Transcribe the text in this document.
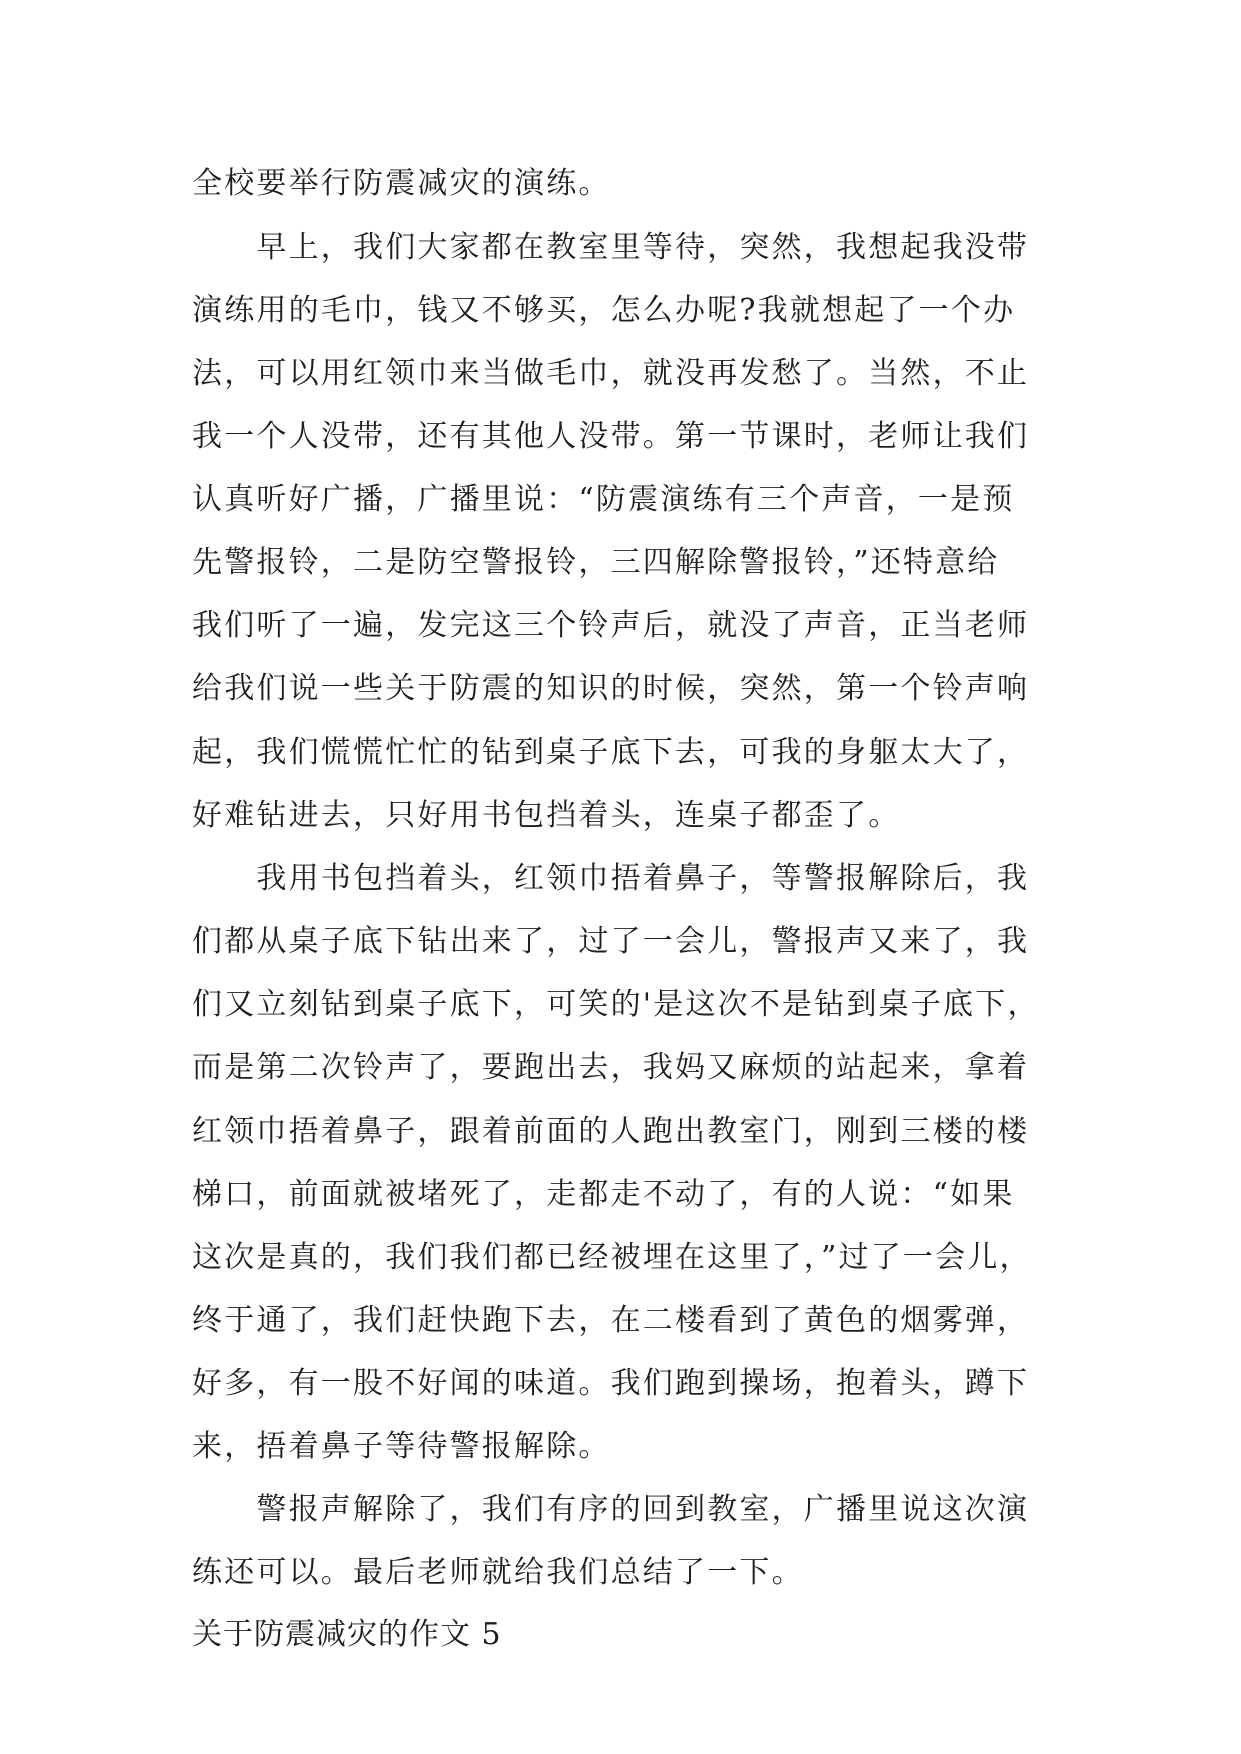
全校要举行防震减灾的演练。
　　早上，我们大家都在教室里等待，突然，我想起我没带
演练用的毛巾，钱又不够买，怎么办呢?我就想起了一个办
法，可以用红领巾来当做毛巾，就没再发愁了。当然，不止
我一个人没带，还有其他人没带。第一节课时，老师让我们
认真听好广播，广播里说：“防震演练有三个声音，一是预
先警报铃，二是防空警报铃，三四解除警报铃，”还特意给
我们听了一遍，发完这三个铃声后，就没了声音，正当老师
给我们说一些关于防震的知识的时候，突然，第一个铃声响
起，我们慌慌忙忙的钻到桌子底下去，可我的身躯太大了，
好难钻进去，只好用书包挡着头，连桌子都歪了。
　　我用书包挡着头，红领巾捂着鼻子，等警报解除后，我
们都从桌子底下钻出来了，过了一会儿，警报声又来了，我
们又立刻钻到桌子底下，可笑的'是这次不是钻到桌子底下，
而是第二次铃声了，要跑出去，我妈又麻烦的站起来，拿着
红领巾捂着鼻子，跟着前面的人跑出教室门，刚到三楼的楼
梯口，前面就被堵死了，走都走不动了，有的人说：“如果
这次是真的，我们我们都已经被埋在这里了，”过了一会儿，
终于通了，我们赶快跑下去，在二楼看到了黄色的烟雾弹，
好多，有一股不好闻的味道。我们跑到操场，抱着头，蹲下
来，捂着鼻子等待警报解除。
　　警报声解除了，我们有序的回到教室，广播里说这次演
练还可以。最后老师就给我们总结了一下。
关于防震减灾的作文 5
